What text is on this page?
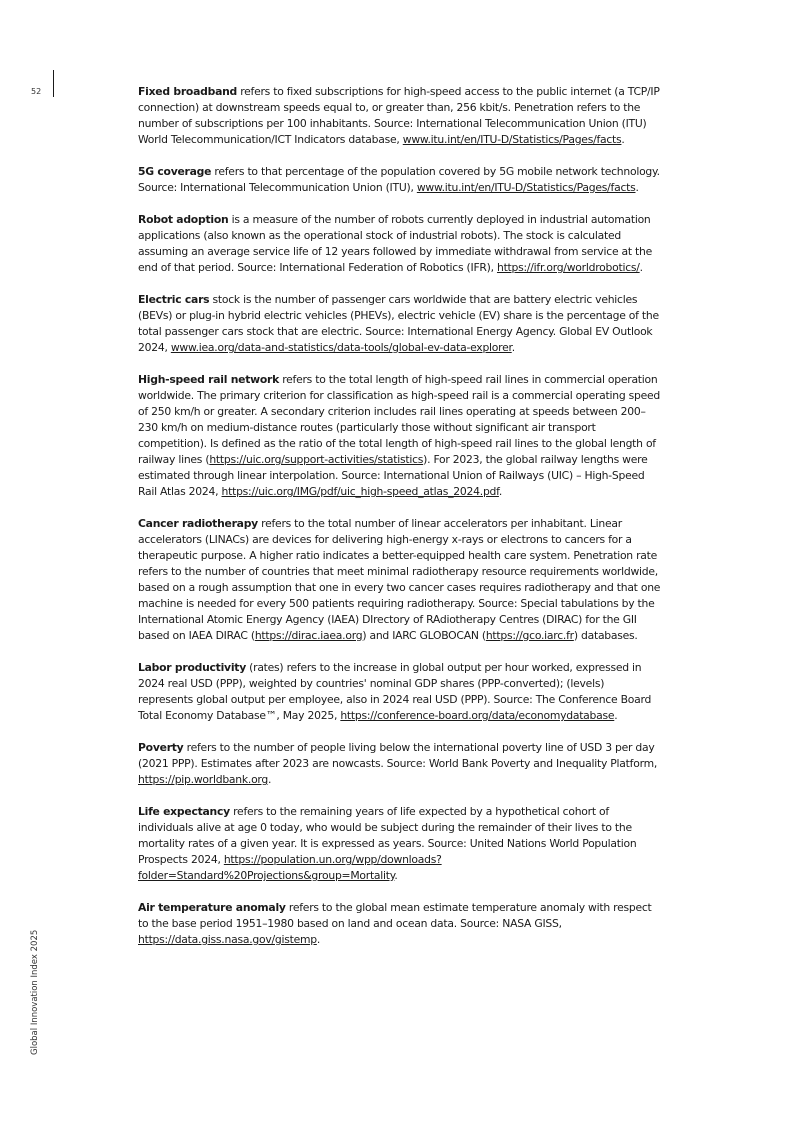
52
Global Innovation Index 2025

Fixed broadband refers to fixed subscriptions for high-speed access to the public internet (a TCP/IP connection) at downstream speeds equal to, or greater than, 256 kbit/s. Penetration refers to the number of subscriptions per 100 inhabitants. Source: International Telecommunication Union (ITU) World Telecommunication/ICT Indicators database, www.itu.int/en/ITU-D/Statistics/Pages/facts.

5G coverage refers to that percentage of the population covered by 5G mobile network technology. Source: International Telecommunication Union (ITU), www.itu.int/en/ITU-D/Statistics/Pages/facts.

Robot adoption is a measure of the number of robots currently deployed in industrial automation applications (also known as the operational stock of industrial robots). The stock is calculated assuming an average service life of 12 years followed by immediate withdrawal from service at the end of that period. Source: International Federation of Robotics (IFR), https://ifr.org/worldrobotics/.

Electric cars stock is the number of passenger cars worldwide that are battery electric vehicles (BEVs) or plug-in hybrid electric vehicles (PHEVs), electric vehicle (EV) share is the percentage of the total passenger cars stock that are electric. Source: International Energy Agency. Global EV Outlook 2024, www.iea.org/data-and-statistics/data-tools/global-ev-data-explorer.

High-speed rail network refers to the total length of high-speed rail lines in commercial operation worldwide. The primary criterion for classification as high-speed rail is a commercial operating speed of 250 km/h or greater. A secondary criterion includes rail lines operating at speeds between 200–230 km/h on medium-distance routes (particularly those without significant air transport competition). Is defined as the ratio of the total length of high-speed rail lines to the global length of railway lines (https://uic.org/support-activities/statistics). For 2023, the global railway lengths were estimated through linear interpolation. Source: International Union of Railways (UIC) – High-Speed Rail Atlas 2024, https://uic.org/IMG/pdf/uic_high-speed_atlas_2024.pdf.

Cancer radiotherapy refers to the total number of linear accelerators per inhabitant. Linear accelerators (LINACs) are devices for delivering high-energy x-rays or electrons to cancers for a therapeutic purpose. A higher ratio indicates a better-equipped health care system. Penetration rate refers to the number of countries that meet minimal radiotherapy resource requirements worldwide, based on a rough assumption that one in every two cancer cases requires radiotherapy and that one machine is needed for every 500 patients requiring radiotherapy. Source: Special tabulations by the International Atomic Energy Agency (IAEA) DIrectory of RAdiotherapy Centres (DIRAC) for the GII based on IAEA DIRAC (https://dirac.iaea.org) and IARC GLOBOCAN (https://gco.iarc.fr) databases.

Labor productivity (rates) refers to the increase in global output per hour worked, expressed in 2024 real USD (PPP), weighted by countries' nominal GDP shares (PPP-converted); (levels) represents global output per employee, also in 2024 real USD (PPP). Source: The Conference Board Total Economy Database™, May 2025, https://conference-board.org/data/economydatabase.

Poverty refers to the number of people living below the international poverty line of USD 3 per day (2021 PPP). Estimates after 2023 are nowcasts. Source: World Bank Poverty and Inequality Platform, https://pip.worldbank.org.

Life expectancy refers to the remaining years of life expected by a hypothetical cohort of individuals alive at age 0 today, who would be subject during the remainder of their lives to the mortality rates of a given year. It is expressed as years. Source: United Nations World Population Prospects 2024, https://population.un.org/wpp/downloads?folder=Standard%20Projections&group=Mortality.

Air temperature anomaly refers to the global mean estimate temperature anomaly with respect to the base period 1951–1980 based on land and ocean data. Source: NASA GISS, https://data.giss.nasa.gov/gistemp.
